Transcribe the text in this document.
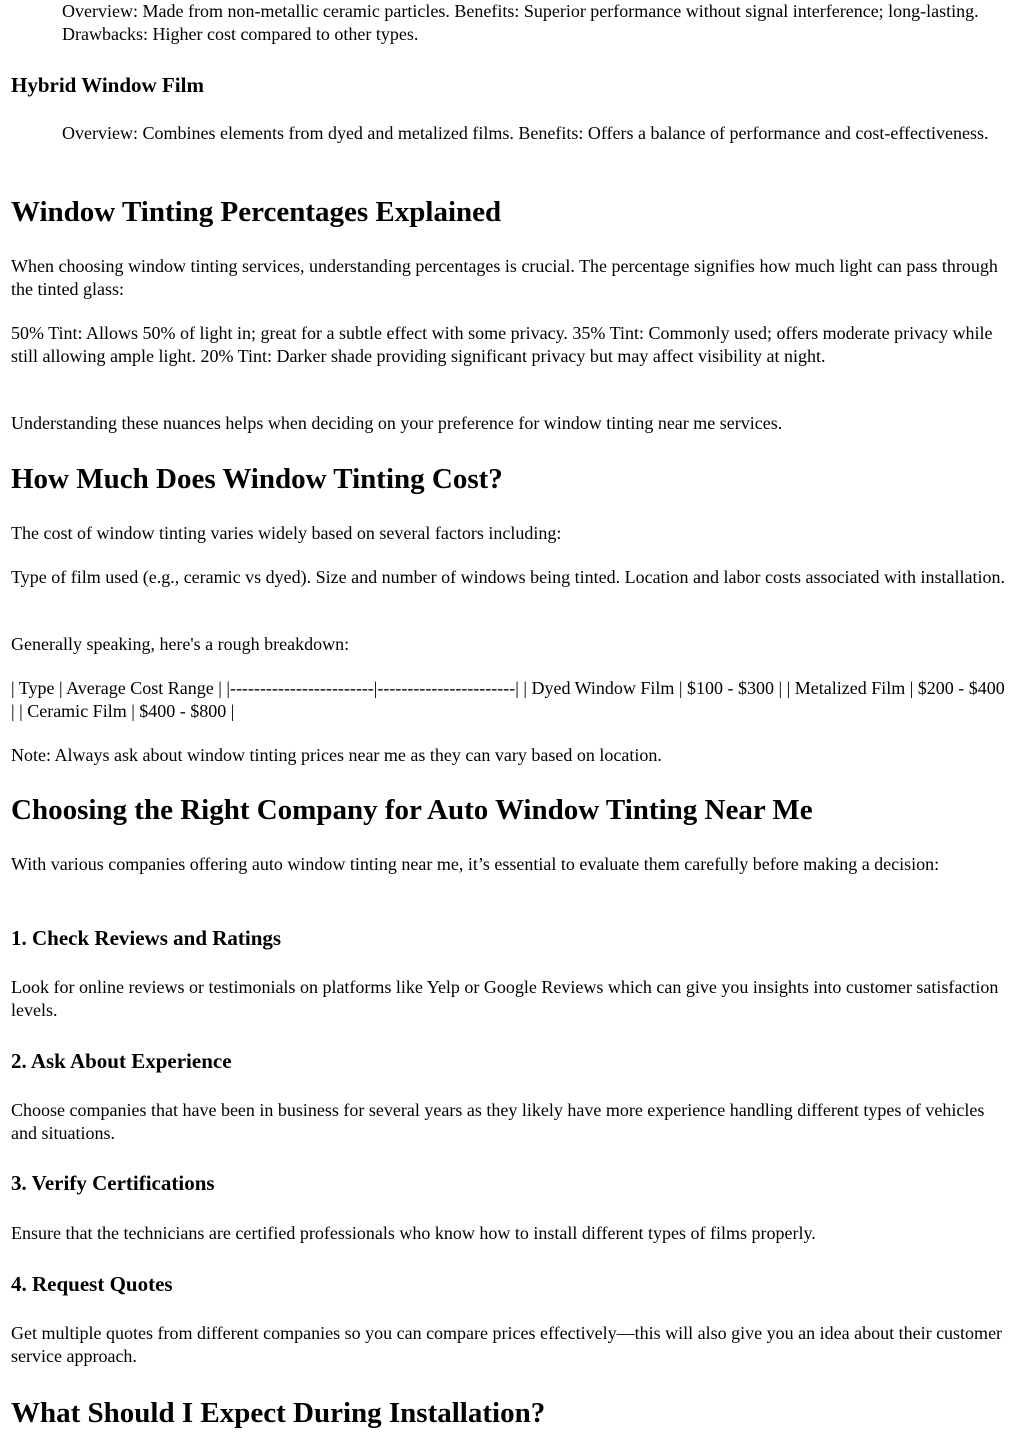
Overview: Made from non-metallic ceramic particles. Benefits: Superior performance without signal interference; long-lasting. Drawbacks: Higher cost compared to other types.

Hybrid Window Film

Overview: Combines elements from dyed and metalized films. Benefits: Offers a balance of performance and cost-effectiveness.

Window Tinting Percentages Explained

When choosing window tinting services, understanding percentages is crucial. The percentage signifies how much light can pass through the tinted glass:

50% Tint: Allows 50% of light in; great for a subtle effect with some privacy. 35% Tint: Commonly used; offers moderate privacy while still allowing ample light. 20% Tint: Darker shade providing significant privacy but may affect visibility at night.

Understanding these nuances helps when deciding on your preference for window tinting near me services.

How Much Does Window Tinting Cost?

The cost of window tinting varies widely based on several factors including:

Type of film used (e.g., ceramic vs dyed). Size and number of windows being tinted. Location and labor costs associated with installation.

Generally speaking, here's a rough breakdown:

| Type | Average Cost Range | |------------------------|-----------------------| | Dyed Window Film | $100 - $300 | | Metalized Film | $200 - $400 | | Ceramic Film | $400 - $800 |

Note: Always ask about window tinting prices near me as they can vary based on location.

Choosing the Right Company for Auto Window Tinting Near Me

With various companies offering auto window tinting near me, it’s essential to evaluate them carefully before making a decision:

1. Check Reviews and Ratings

Look for online reviews or testimonials on platforms like Yelp or Google Reviews which can give you insights into customer satisfaction levels.

2. Ask About Experience

Choose companies that have been in business for several years as they likely have more experience handling different types of vehicles and situations.

3. Verify Certifications

Ensure that the technicians are certified professionals who know how to install different types of films properly.

4. Request Quotes

Get multiple quotes from different companies so you can compare prices effectively—this will also give you an idea about their customer service approach.

What Should I Expect During Installation?
